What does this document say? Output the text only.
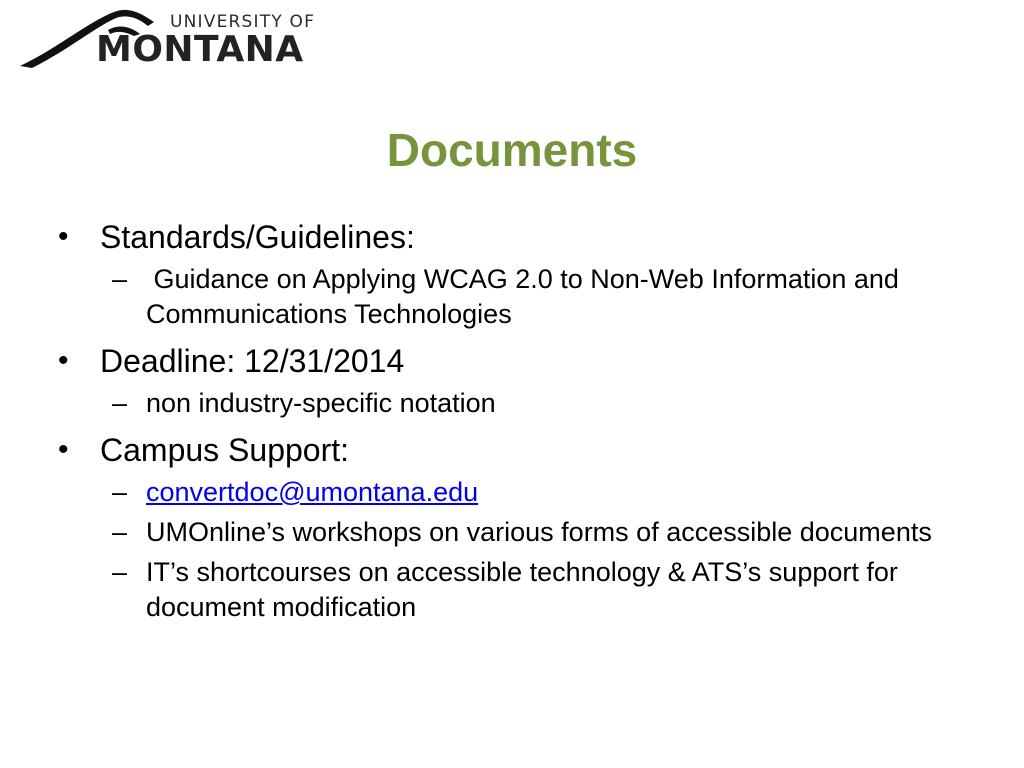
UNIVERSITY OF
MONTANA
Documents
• Standards/Guidelines:
– Guidance on Applying WCAG 2.0 to Non-Web Information and Communications Technologies
• Deadline: 12/31/2014
– non industry-specific notation
• Campus Support:
– convertdoc@umontana.edu
– UMOnline’s workshops on various forms of accessible documents
– IT’s shortcourses on accessible technology & ATS’s support for document modification
